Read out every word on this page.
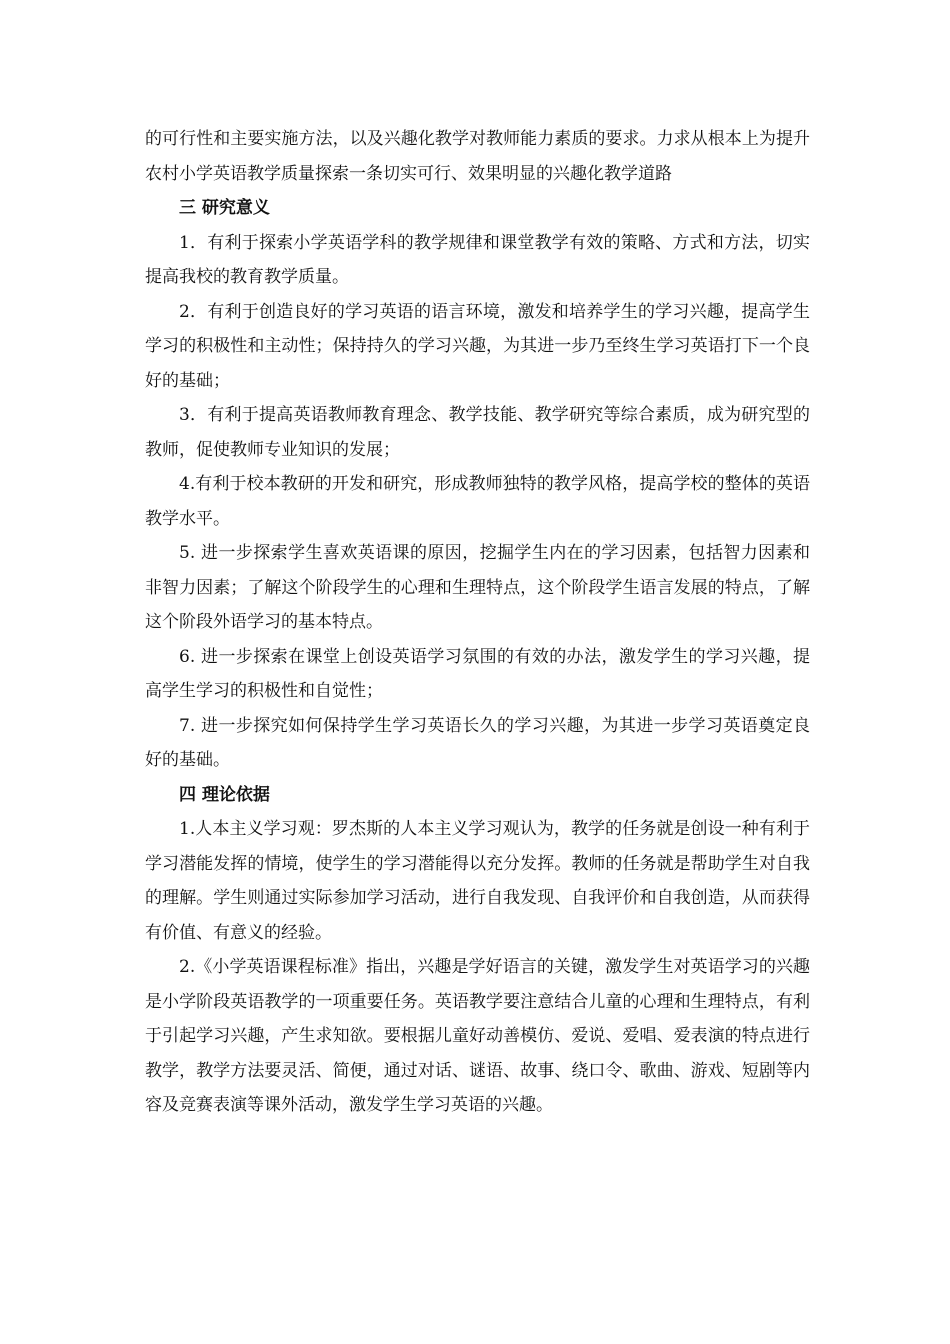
的可行性和主要实施方法，以及兴趣化教学对教师能力素质的要求。力求从根本上为提升农村小学英语教学质量探索一条切实可行、效果明显的兴趣化教学道路

三 研究意义

1．有利于探索小学英语学科的教学规律和课堂教学有效的策略、方式和方法，切实提高我校的教育教学质量。

2．有利于创造良好的学习英语的语言环境，激发和培养学生的学习兴趣，提高学生学习的积极性和主动性；保持持久的学习兴趣，为其进一步乃至终生学习英语打下一个良好的基础；

3．有利于提高英语教师教育理念、教学技能、教学研究等综合素质，成为研究型的教师，促使教师专业知识的发展；

4.有利于校本教研的开发和研究，形成教师独特的教学风格，提高学校的整体的英语教学水平。

5. 进一步探索学生喜欢英语课的原因，挖掘学生内在的学习因素，包括智力因素和非智力因素；了解这个阶段学生的心理和生理特点，这个阶段学生语言发展的特点，了解这个阶段外语学习的基本特点。

6. 进一步探索在课堂上创设英语学习氛围的有效的办法，激发学生的学习兴趣，提高学生学习的积极性和自觉性；

7. 进一步探究如何保持学生学习英语长久的学习兴趣，为其进一步学习英语奠定良好的基础。

四 理论依据

1.人本主义学习观：罗杰斯的人本主义学习观认为，教学的任务就是创设一种有利于学习潜能发挥的情境，使学生的学习潜能得以充分发挥。教师的任务就是帮助学生对自我的理解。学生则通过实际参加学习活动，进行自我发现、自我评价和自我创造，从而获得有价值、有意义的经验。

2.《小学英语课程标准》指出，兴趣是学好语言的关键，激发学生对英语学习的兴趣是小学阶段英语教学的一项重要任务。英语教学要注意结合儿童的心理和生理特点，有利于引起学习兴趣，产生求知欲。要根据儿童好动善模仿、爱说、爱唱、爱表演的特点进行教学，教学方法要灵活、简便，通过对话、谜语、故事、绕口令、歌曲、游戏、短剧等内容及竞赛表演等课外活动，激发学生学习英语的兴趣。
